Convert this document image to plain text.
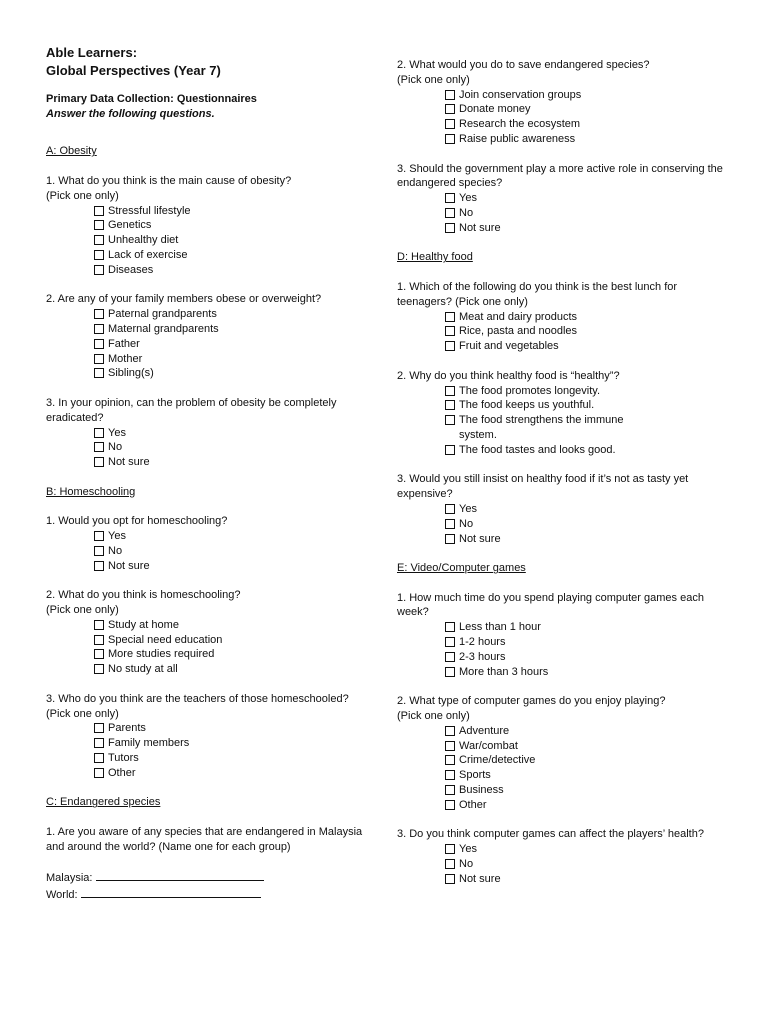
Able Learners:
Global Perspectives (Year 7)
Primary Data Collection: Questionnaires
Answer the following questions.
A: Obesity
1. What do you think is the main cause of obesity?
(Pick one only)
Stressful lifestyle
Genetics
Unhealthy diet
Lack of exercise
Diseases
2. Are any of your family members obese or overweight?
Paternal grandparents
Maternal grandparents
Father
Mother
Sibling(s)
3. In your opinion, can the problem of obesity be completely eradicated?
Yes
No
Not sure
B: Homeschooling
1. Would you opt for homeschooling?
Yes
No
Not sure
2. What do you think is homeschooling?
(Pick one only)
Study at home
Special need education
More studies required
No study at all
3. Who do you think are the teachers of those homeschooled?
(Pick one only)
Parents
Family members
Tutors
Other
C: Endangered species
1. Are you aware of any species that are endangered in Malaysia and around the world? (Name one for each group)
Malaysia:
World:
2. What would you do to save endangered species?
(Pick one only)
Join conservation groups
Donate money
Research the ecosystem
Raise public awareness
3. Should the government play a more active role in conserving the endangered species?
Yes
No
Not sure
D: Healthy food
1. Which of the following do you think is the best lunch for teenagers? (Pick one only)
Meat and dairy products
Rice, pasta and noodles
Fruit and vegetables
2. Why do you think healthy food is “healthy”?
The food promotes longevity.
The food keeps us youthful.
The food strengthens the immune system.
The food tastes and looks good.
3. Would you still insist on healthy food if it’s not as tasty yet expensive?
Yes
No
Not sure
E: Video/Computer games
1. How much time do you spend playing computer games each week?
Less than 1 hour
1-2 hours
2-3 hours
More than 3 hours
2. What type of computer games do you enjoy playing?
(Pick one only)
Adventure
War/combat
Crime/detective
Sports
Business
Other
3. Do you think computer games can affect the players’ health?
Yes
No
Not sure
